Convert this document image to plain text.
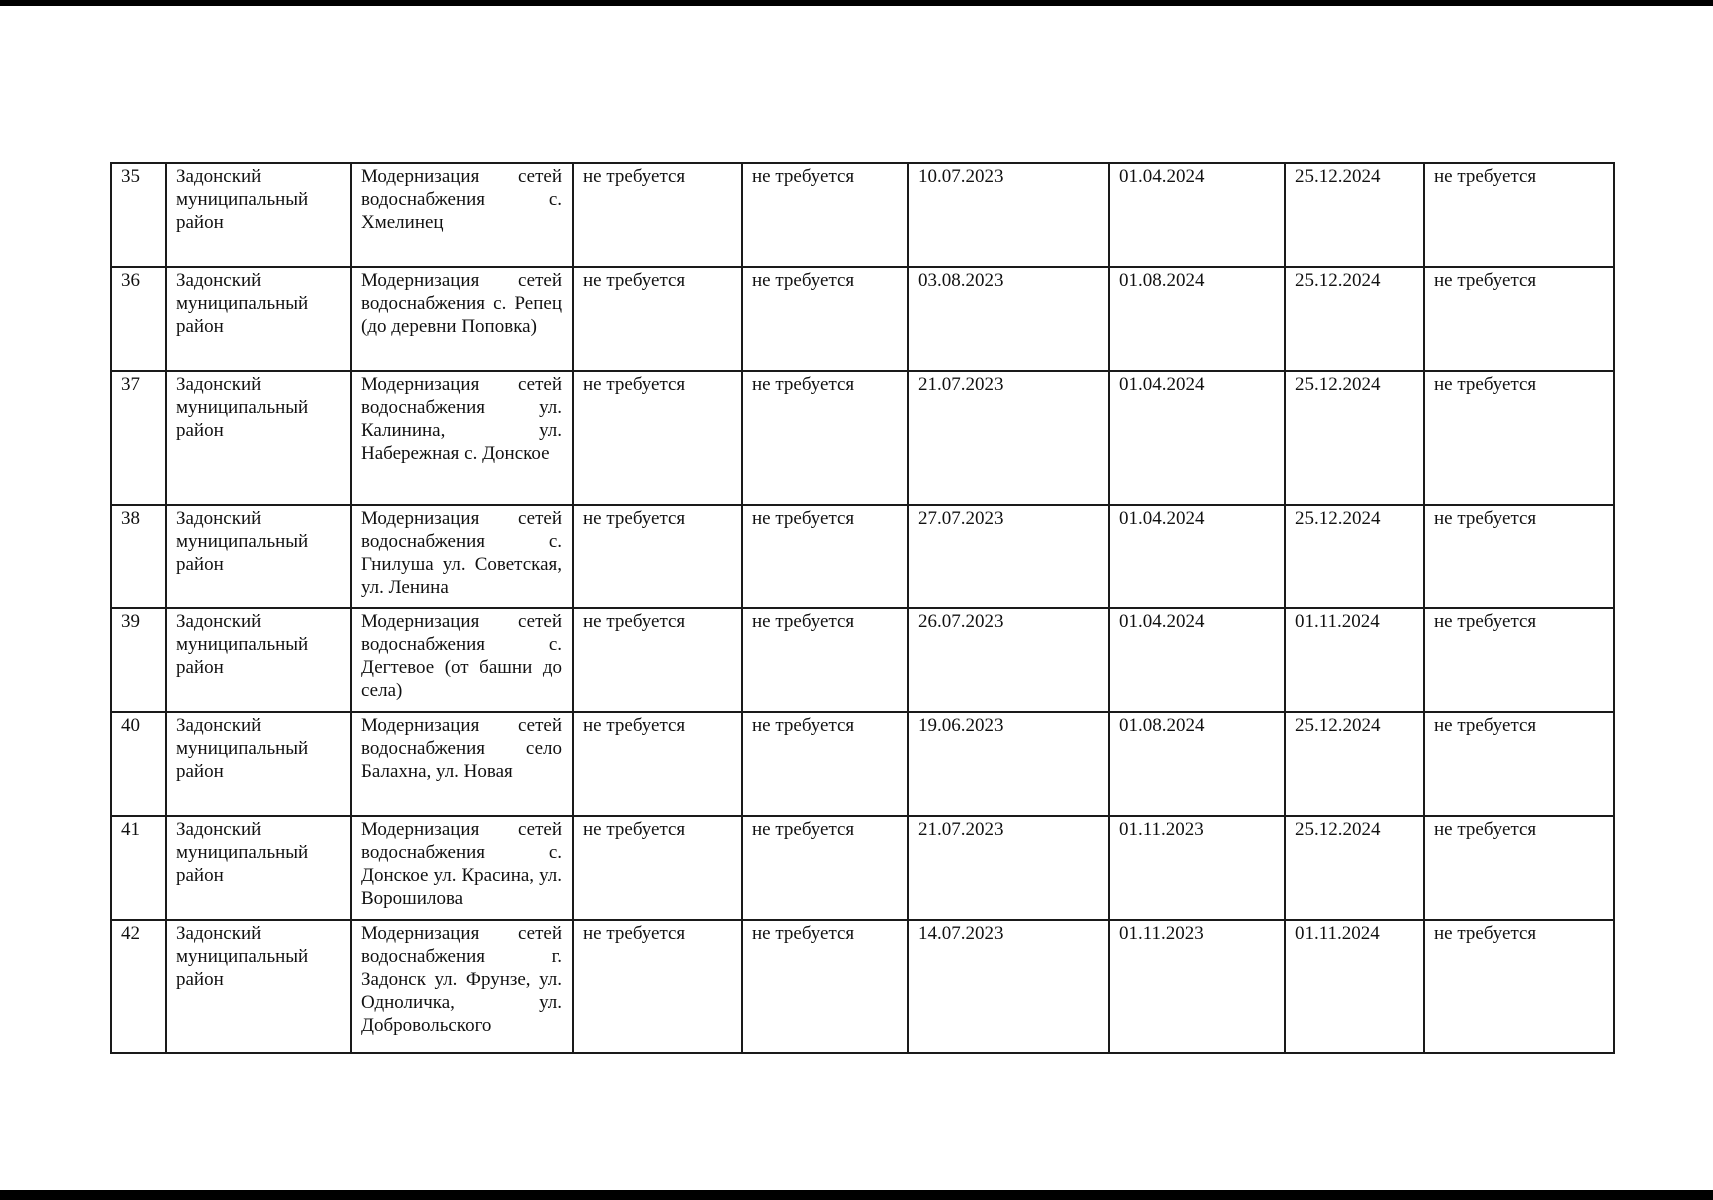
35	Задонский муниципальный район	Модернизация сетей водоснабжения с. Хмелинец	не требуется	не требуется	10.07.2023	01.04.2024	25.12.2024	не требуется
36	Задонский муниципальный район	Модернизация сетей водоснабжения с. Репец (до деревни Поповка)	не требуется	не требуется	03.08.2023	01.08.2024	25.12.2024	не требуется
37	Задонский муниципальный район	Модернизация сетей водоснабжения ул. Калинина, ул. Набережная с. Донское	не требуется	не требуется	21.07.2023	01.04.2024	25.12.2024	не требуется
38	Задонский муниципальный район	Модернизация сетей водоснабжения с. Гнилуша ул. Советская, ул. Ленина	не требуется	не требуется	27.07.2023	01.04.2024	25.12.2024	не требуется
39	Задонский муниципальный район	Модернизация сетей водоснабжения с. Дегтевое (от башни до села)	не требуется	не требуется	26.07.2023	01.04.2024	01.11.2024	не требуется
40	Задонский муниципальный район	Модернизация сетей водоснабжения село Балахна, ул. Новая	не требуется	не требуется	19.06.2023	01.08.2024	25.12.2024	не требуется
41	Задонский муниципальный район	Модернизация сетей водоснабжения с. Донское ул. Красина, ул. Ворошилова	не требуется	не требуется	21.07.2023	01.11.2023	25.12.2024	не требуется
42	Задонский муниципальный район	Модернизация сетей водоснабжения г. Задонск ул. Фрунзе, ул. Одноличка, ул. Добровольского	не требуется	не требуется	14.07.2023	01.11.2023	01.11.2024	не требуется
